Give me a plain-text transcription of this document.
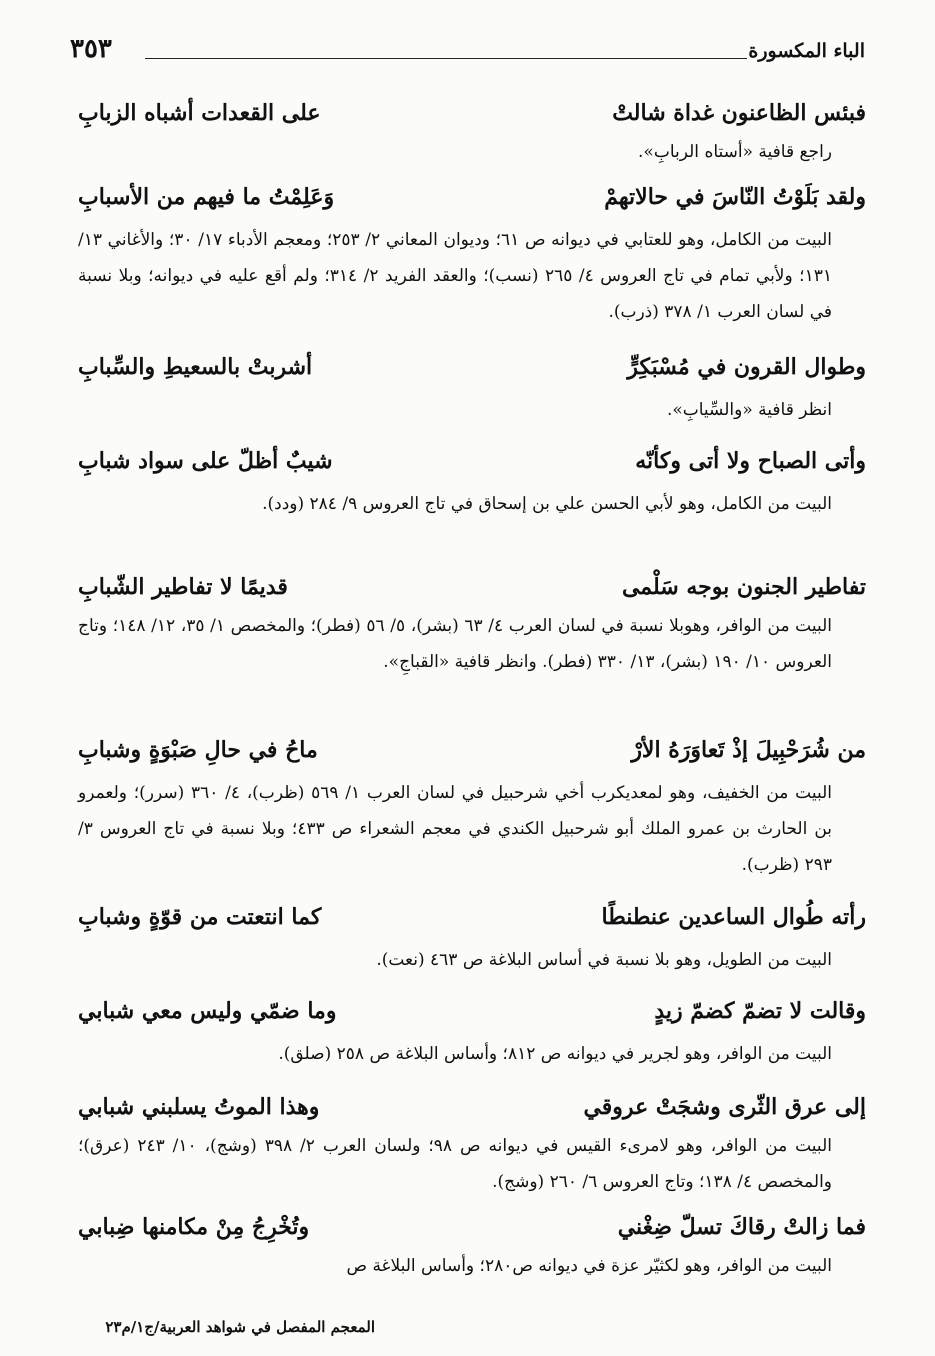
٣٥٣	الباء المكسورة
فبئس الظاعنون غداة شالتْ
على القعدات أشباه الزبابِ
راجع قافية «أستاه الربابِ».
ولقد بَلَوْتُ النّاسَ في حالاتهمْ
وَعَلِمْتُ ما فيهم من الأسبابِ
البيت من الكامل، وهو للعتابي في ديوانه ص ٦١؛ وديوان المعاني ٢/ ٢٥٣؛ ومعجم الأدباء ١٧/ ٣٠؛ والأغاني ١٣/ ١٣١؛ ولأبي تمام في تاج العروس ٤/ ٢٦٥ (نسب)؛ والعقد الفريد ٢/ ٣١٤؛ ولم أقع عليه في ديوانه؛ وبلا نسبة في لسان العرب ١/ ٣٧٨ (ذرب).
وطوال القرون في مُسْبَكِرٍّ
أشربتْ بالسعيطِ والسِّبابِ
انظر قافية «والسِّيابِ».
وأتى الصباح ولا أتى وكأنّه
شيبٌ أظلّ على سواد شبابِ
البيت من الكامل، وهو لأبي الحسن علي بن إسحاق في تاج العروس ٩/ ٢٨٤ (ودد).
تفاطير الجنون بوجه سَلْمى
قديمًا لا تفاطير الشّبابِ
البيت من الوافر، وهوبلا نسبة في لسان العرب ٤/ ٦٣ (بشر)، ٥/ ٥٦ (فطر)؛ والمخصص ١/ ٣٥، ١٢/ ١٤٨؛ وتاج العروس ١٠/ ١٩٠ (بشر)، ١٣/ ٣٣٠ (فطر). وانظر قافية «القباجِ».
من شُرَحْبِيلَ إذْ تَعاوَرَهُ الأرْ
ماحُ في حالِ صَبْوَةٍ وشبابِ
البيت من الخفيف، وهو لمعديكرب أخي شرحبيل في لسان العرب ١/ ٥٦٩ (ظرب)، ٤/ ٣٦٠ (سرر)؛ ولعمرو بن الحارث بن عمرو الملك أبو شرحبيل الكندي في معجم الشعراء ص ٤٣٣؛ وبلا نسبة في تاج العروس ٣/ ٢٩٣ (ظرب).
رأته طُوال الساعدين عنطنطًا
كما انتعتت من قوّةٍ وشبابِ
البيت من الطويل، وهو بلا نسبة في أساس البلاغة ص ٤٦٣ (نعت).
وقالت لا تضمّ كضمّ زيدٍ
وما ضمّي وليس معي شبابي
البيت من الوافر، وهو لجرير في ديوانه ص ٨١٢؛ وأساس البلاغة ص ٢٥٨ (صلق).
إلى عرق الثّرى وشجَتْ عروقي
وهذا الموتُ يسلبني شبابي
البيت من الوافر، وهو لامرىء القيس في ديوانه ص ٩٨؛ ولسان العرب ٢/ ٣٩٨ (وشج)، ١٠/ ٢٤٣ (عرق)؛ والمخصص ٤/ ١٣٨؛ وتاج العروس ٦/ ٢٦٠ (وشج).
فما زالتْ رقاكَ تسلّ ضِغْني
وتُخْرِجُ مِنْ مكامنها ضِبابي
البيت من الوافر، وهو لكثيّر عزة في ديوانه ص٢٨٠؛ وأساس البلاغة ص
المعجم المفصل في شواهد العربية/ج١/م٢٣
